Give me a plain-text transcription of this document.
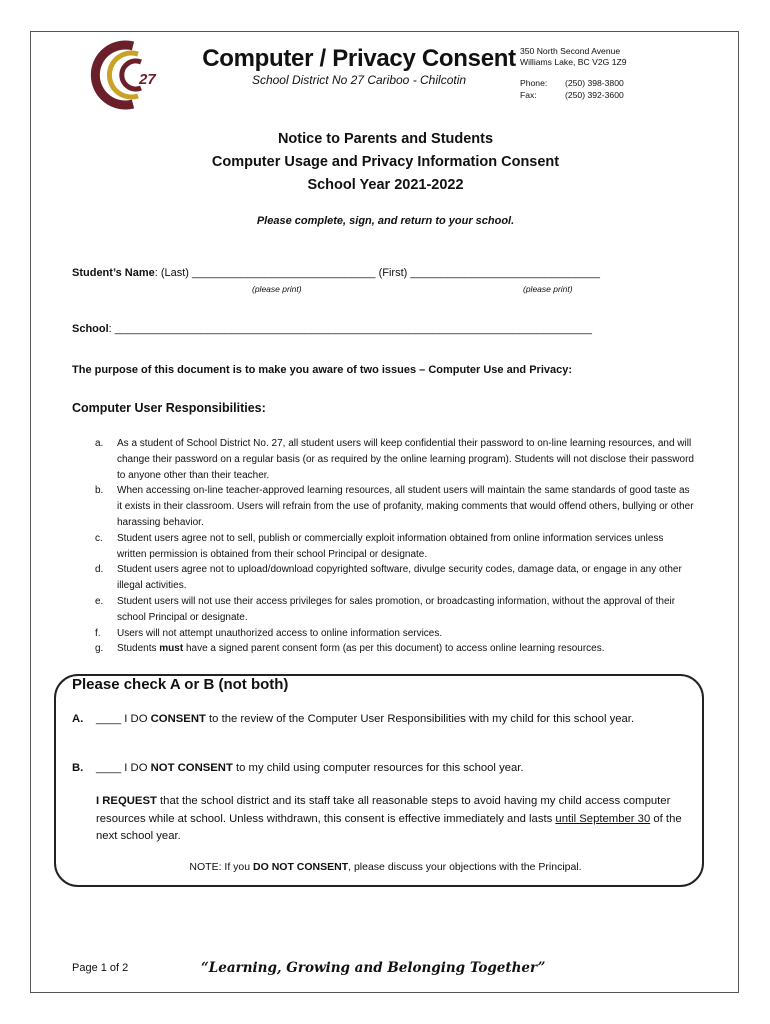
27
Computer / Privacy Consent
School District No 27 Cariboo - Chilcotin
350 North Second Avenue
Williams Lake, BC V2G 1Z9
Phone:	(250) 398-3800
Fax:	(250) 392-3600
Notice to Parents and Students
Computer Usage and Privacy Information Consent
School Year 2021-2022
Please complete, sign, and return to your school.
Student’s Name: (Last) ______________________________ (First) _______________________________
(please print)	(please print)
School: ______________________________________________________________________________
The purpose of this document is to make you aware of two issues – Computer Use and Privacy:
Computer User Responsibilities:
a.	As a student of School District No. 27, all student users will keep confidential their password to on-line learning resources, and will change their password on a regular basis (or as required by the online learning program). Students will not disclose their password to anyone other than their teacher.
b.	When accessing on-line teacher-approved learning resources, all student users will maintain the same standards of good taste as it exists in their classroom. Users will refrain from the use of profanity, making comments that would offend others, bullying or other harassing behavior.
c.	Student users agree not to sell, publish or commercially exploit information obtained from online information services unless written permission is obtained from their school Principal or designate.
d.	Student users agree not to upload/download copyrighted software, divulge security codes, damage data, or engage in any other illegal activities.
e.	Student users will not use their access privileges for sales promotion, or broadcasting information, without the approval of their school Principal or designate.
f.	Users will not attempt unauthorized access to online information services.
g.	Students must have a signed parent consent form (as per this document) to access online learning resources.
Please check A or B (not both)
A.	____ I DO CONSENT to the review of the Computer User Responsibilities with my child for this school year.
B.	____ I DO NOT CONSENT to my child using computer resources for this school year.
I REQUEST that the school district and its staff take all reasonable steps to avoid having my child access computer resources while at school. Unless withdrawn, this consent is effective immediately and lasts until September 30 of the next school year.
NOTE: If you DO NOT CONSENT, please discuss your objections with the Principal.
Page 1 of 2	“Learning, Growing and Belonging Together”
